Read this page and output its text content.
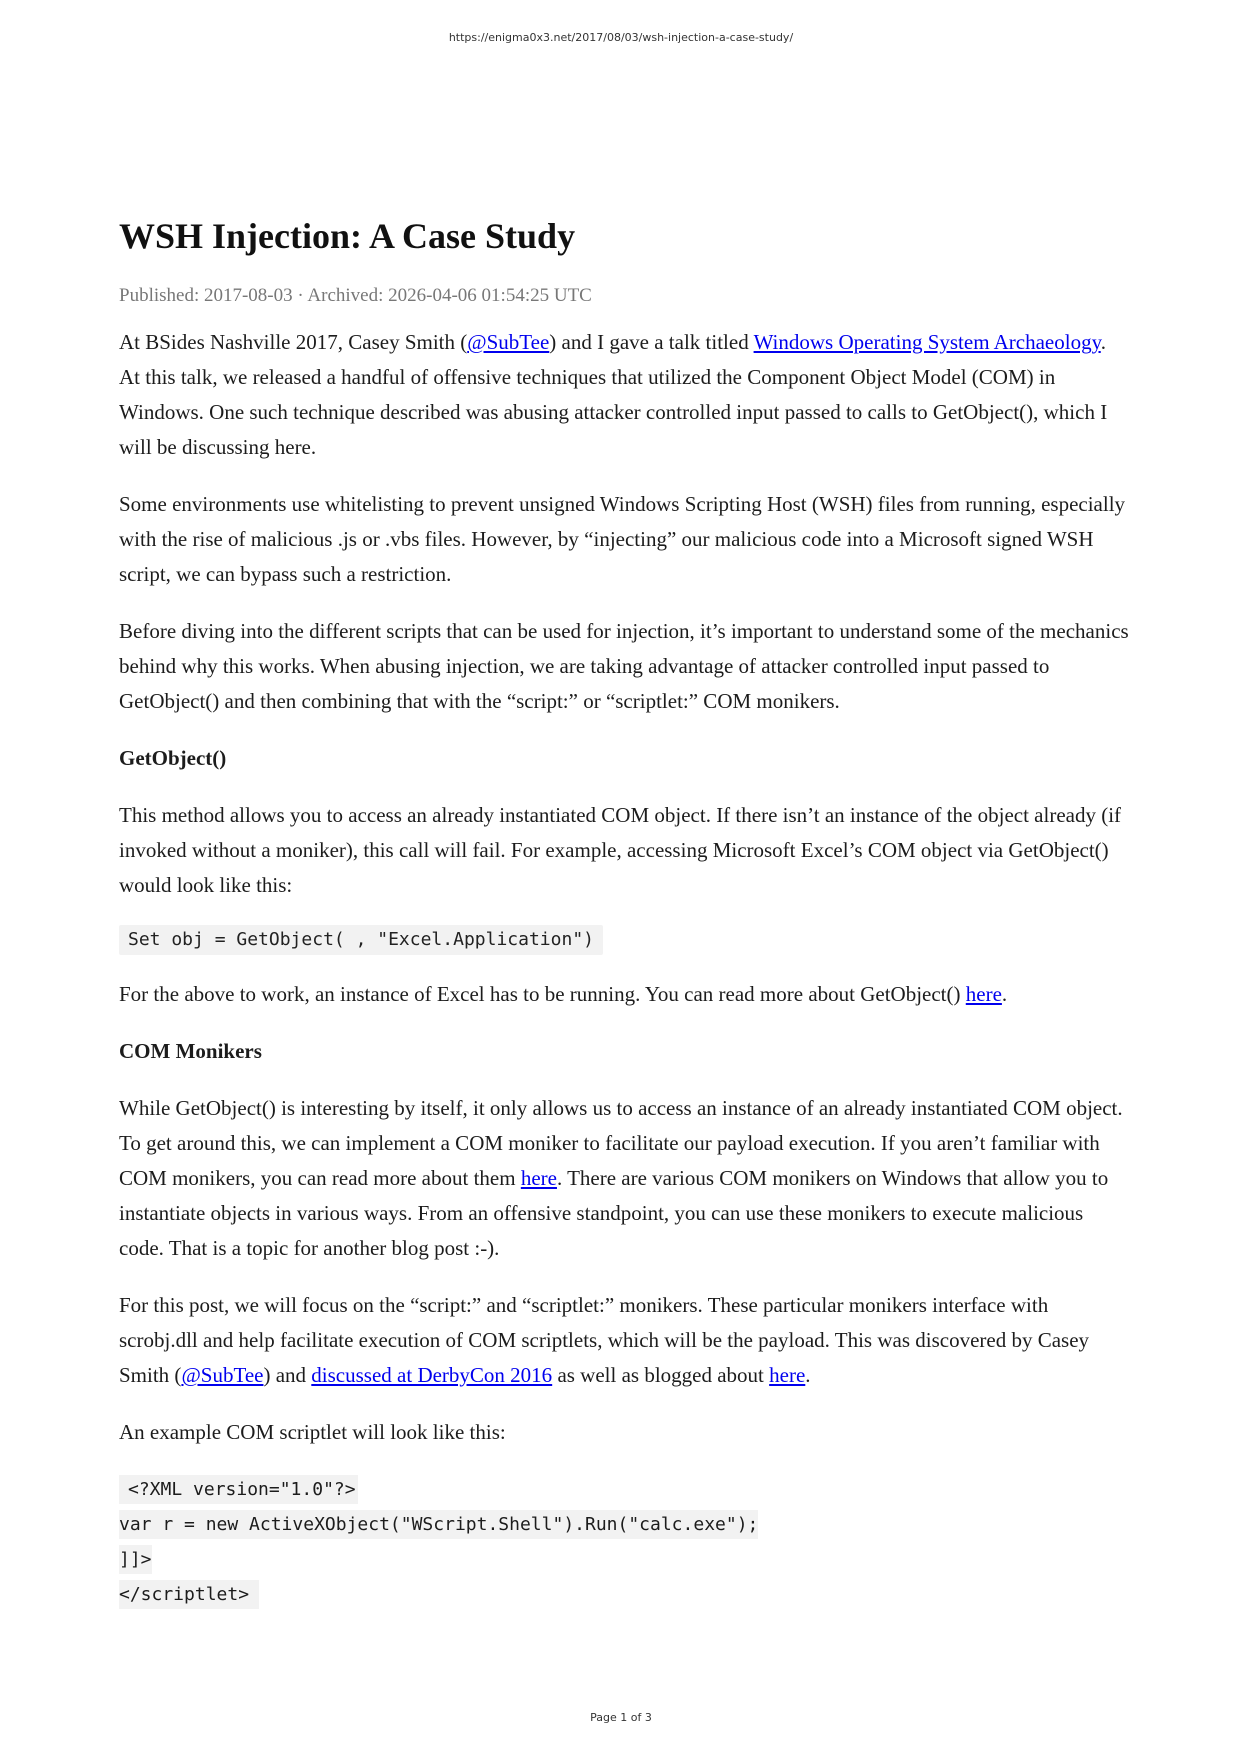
https://enigma0x3.net/2017/08/03/wsh-injection-a-case-study/
WSH Injection: A Case Study
Published: 2017-08-03 · Archived: 2026-04-06 01:54:25 UTC

At BSides Nashville 2017, Casey Smith (@SubTee) and I gave a talk titled Windows Operating System Archaeology. At this talk, we released a handful of offensive techniques that utilized the Component Object Model (COM) in Windows. One such technique described was abusing attacker controlled input passed to calls to GetObject(), which I will be discussing here.

Some environments use whitelisting to prevent unsigned Windows Scripting Host (WSH) files from running, especially with the rise of malicious .js or .vbs files. However, by “injecting” our malicious code into a Microsoft signed WSH script, we can bypass such a restriction.

Before diving into the different scripts that can be used for injection, it’s important to understand some of the mechanics behind why this works. When abusing injection, we are taking advantage of attacker controlled input passed to GetObject() and then combining that with the “script:” or “scriptlet:” COM monikers.

GetObject()

This method allows you to access an already instantiated COM object. If there isn’t an instance of the object already (if invoked without a moniker), this call will fail. For example, accessing Microsoft Excel’s COM object via GetObject() would look like this:

Set obj = GetObject( , "Excel.Application")

For the above to work, an instance of Excel has to be running. You can read more about GetObject() here.

COM Monikers

While GetObject() is interesting by itself, it only allows us to access an instance of an already instantiated COM object. To get around this, we can implement a COM moniker to facilitate our payload execution. If you aren’t familiar with COM monikers, you can read more about them here. There are various COM monikers on Windows that allow you to instantiate objects in various ways. From an offensive standpoint, you can use these monikers to execute malicious code. That is a topic for another blog post :-).

For this post, we will focus on the “script:” and “scriptlet:” monikers. These particular monikers interface with scrobj.dll and help facilitate execution of COM scriptlets, which will be the payload. This was discovered by Casey Smith (@SubTee) and discussed at DerbyCon 2016 as well as blogged about here.

An example COM scriptlet will look like this:

<?XML version="1.0"?>
var r = new ActiveXObject("WScript.Shell").Run("calc.exe");
]]>
</scriptlet>
Page 1 of 3
